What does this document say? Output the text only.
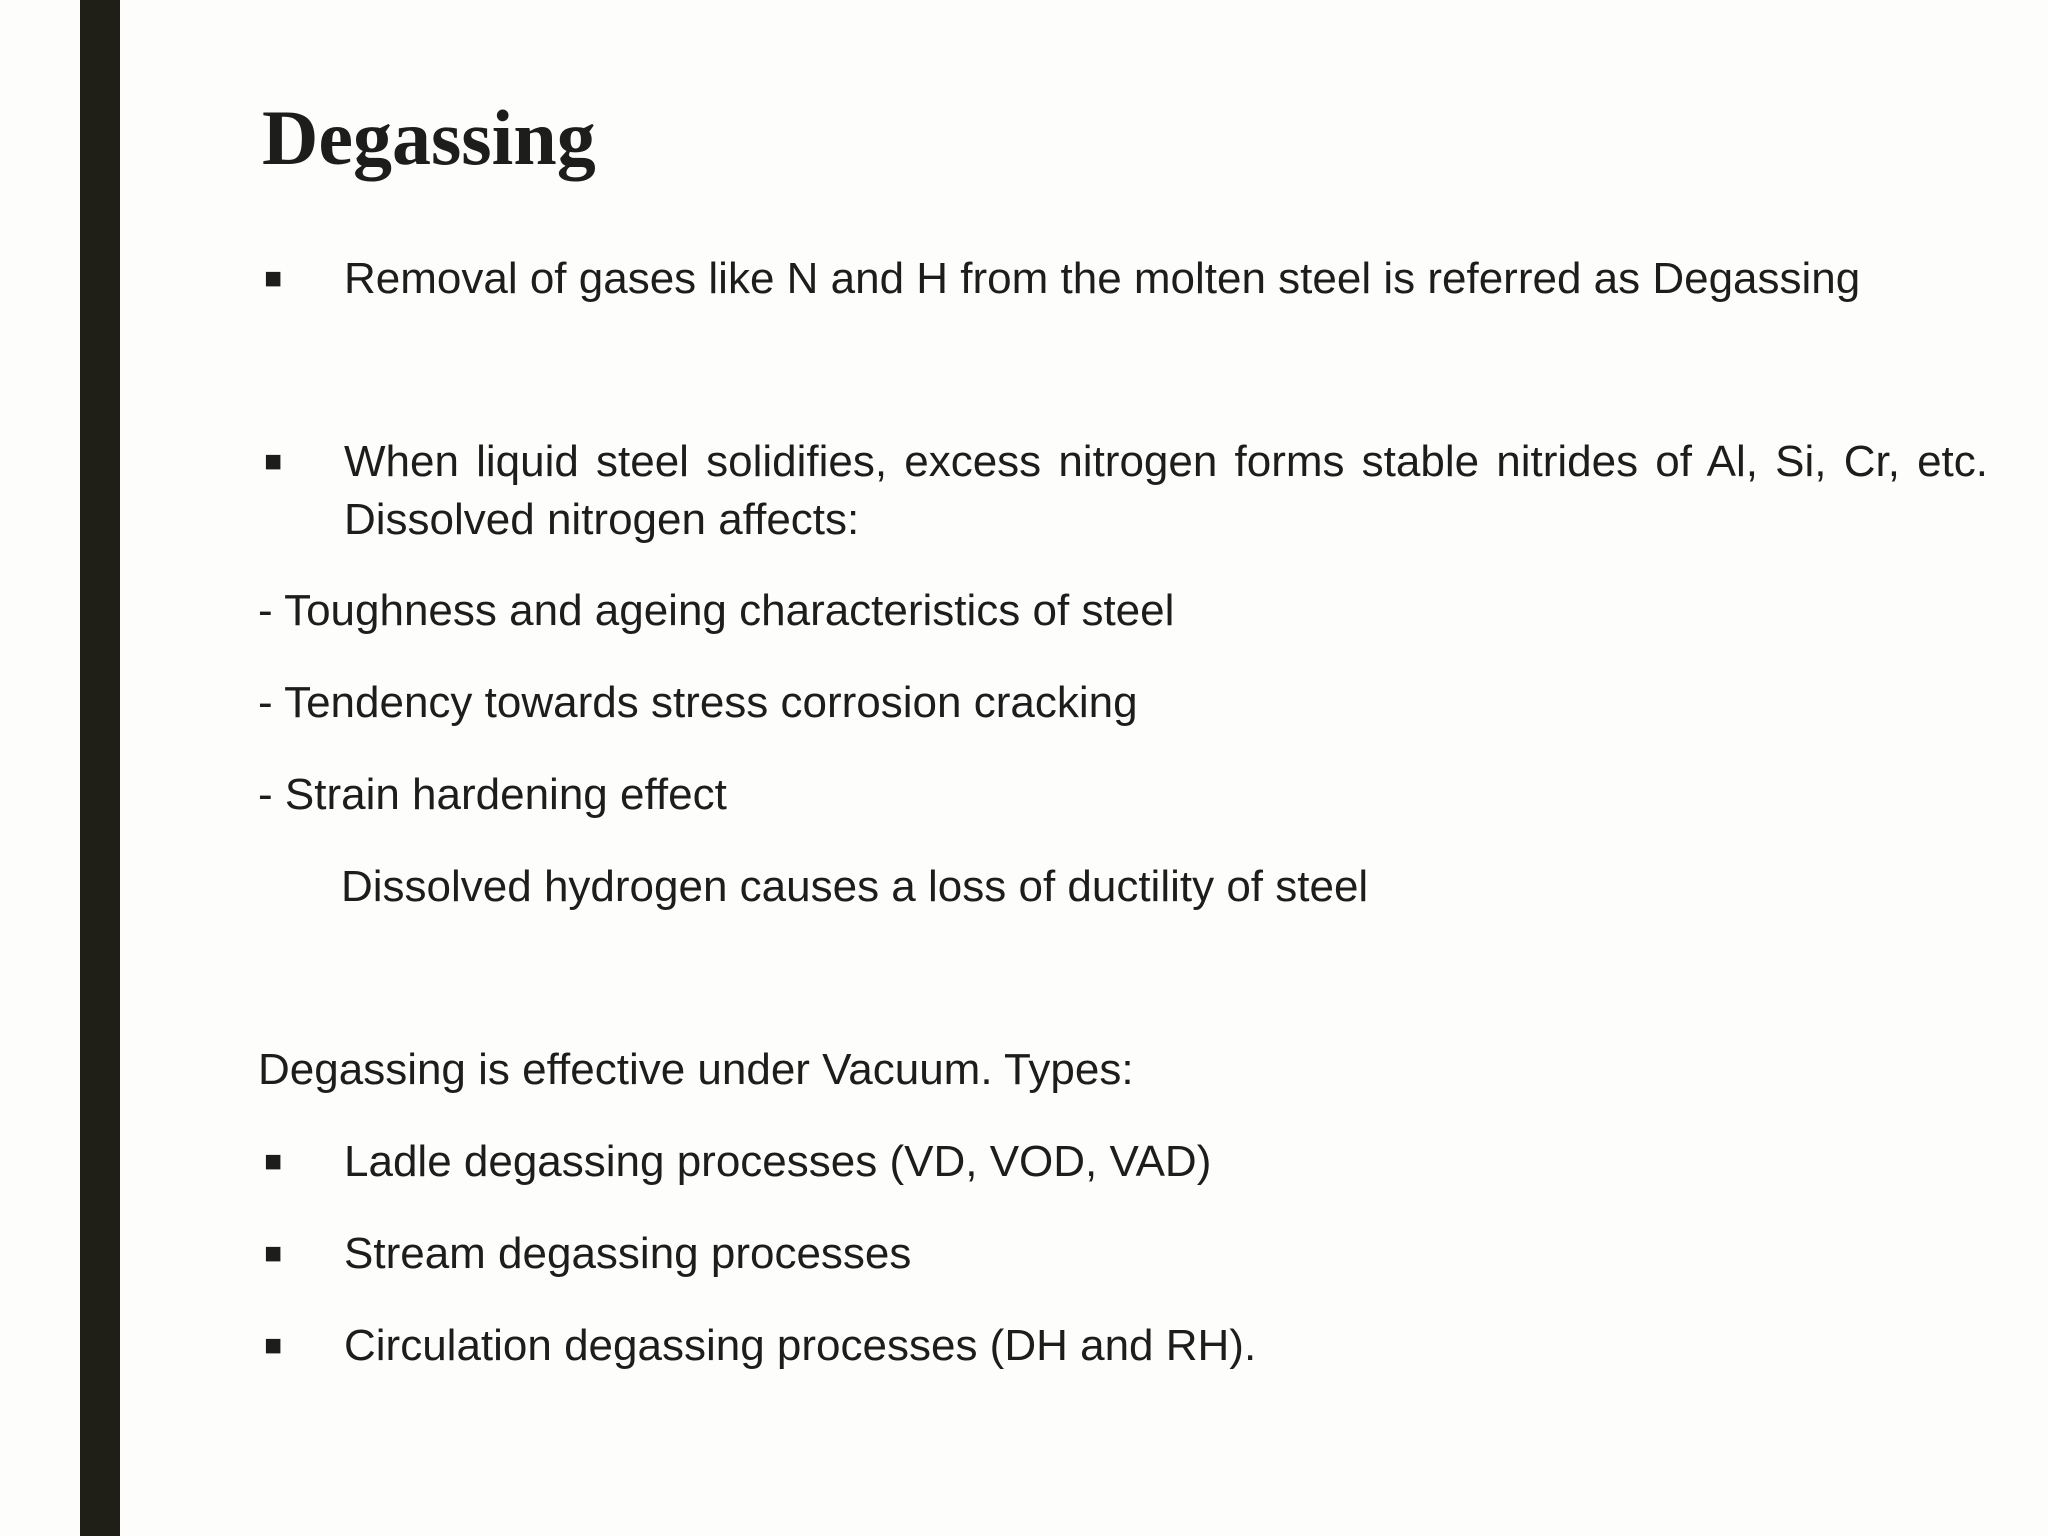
Degassing
■ Removal of gases like N and H from the molten steel is referred as Degassing
■ When liquid steel solidifies, excess nitrogen forms stable nitrides of Al, Si, Cr, etc. Dissolved nitrogen affects:
- Toughness and ageing characteristics of steel
- Tendency towards stress corrosion cracking
- Strain hardening effect
Dissolved hydrogen causes a loss of ductility of steel
Degassing is effective under Vacuum. Types:
■ Ladle degassing processes (VD, VOD, VAD)
■ Stream degassing processes
■ Circulation degassing processes (DH and RH).
